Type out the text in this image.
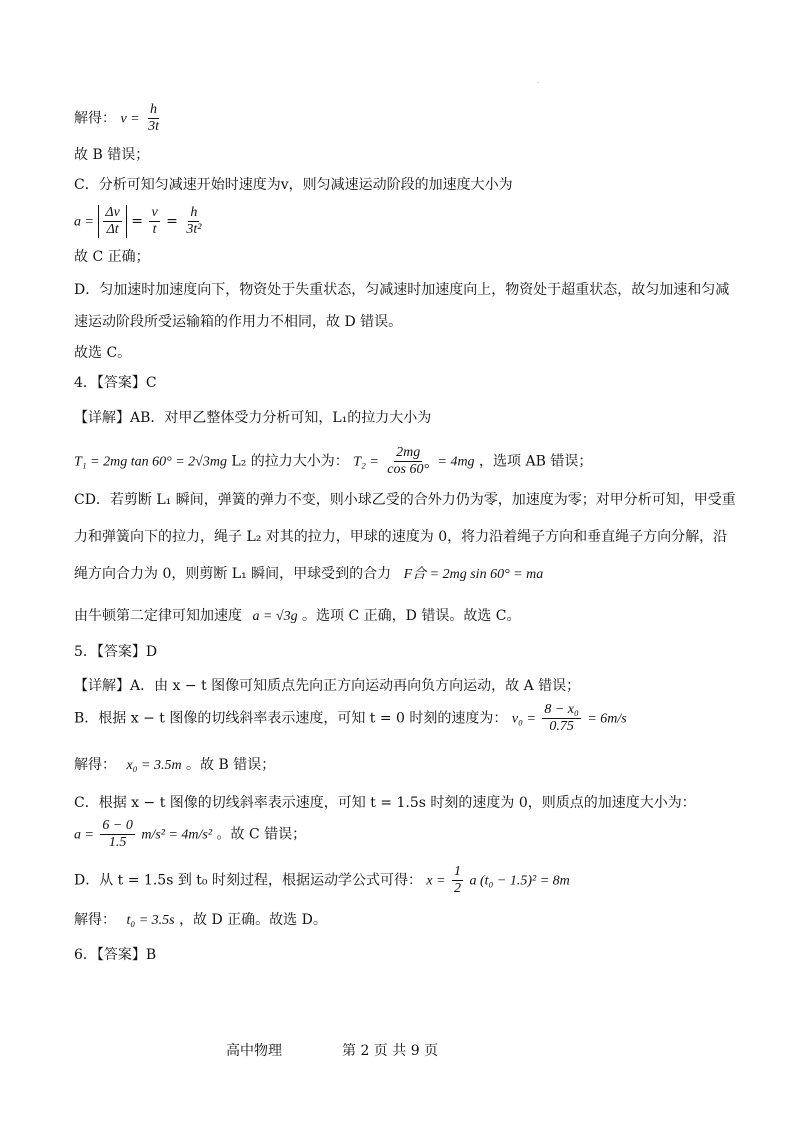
·
解得： $v = \frac{h}{3t}$
故 B 错误；
C．分析可知匀减速开始时速度为v，则匀减速运动阶段的加速度大小为
$a = \frac{\Delta v}{\Delta t} = \frac{v}{t} = \frac{h}{\text{3t²}}$
故 C 正确；
D．匀加速时加速度向下，物资处于失重状态，匀减速时加速度向上，物资处于超重状态，故匀加速和匀减
速运动阶段所受运输箱的作用力不相同，故 D 错误。
故选 C。
4．【答案】C
【详解】AB．对甲乙整体受力分析可知，L₁的拉力大小为
T₁ = 2mg tan 60° = 2√3mg L₂ 的拉力大小为： $T_2 = \frac{2mg}{\cos 60^\circ} = 4mg$ ，选项 AB 错误；
CD．若剪断 L₁ 瞬间，弹簧的弹力不变，则小球乙受的合外力仍为零，加速度为零；对甲分析可知，甲受重
力和弹簧向下的拉力，绳子 L₂ 对其的拉力，甲球的速度为 0，将力沿着绳子方向和垂直绳子方向分解，沿
绳方向合力为 0，则剪断 L₁ 瞬间，甲球受到的合力 F合 = 2mg sin 60° = ma
由牛顿第二定律可知加速度 a = √3g 。选项 C 正确，D 错误。故选 C。
5．【答案】D
【详解】A．由 x − t 图像可知质点先向正方向运动再向负方向运动，故 A 错误；
B．根据 x − t 图像的切线斜率表示速度，可知 t = 0 时刻的速度为： $v_0 = \frac{\text{8 − x₀}}{0.75} = 6m/s$
解得： x₀ = 3.5m 。故 B 错误；
C．根据 x − t 图像的切线斜率表示速度，可知 t = 1.5s 时刻的速度为 0，则质点的加速度大小为：
$a = \frac{6 - 0}{1.5} m/s^2 = 4m/s^2$ 。故 C 错误；
D．从 t = 1.5s 到 t₀ 时刻过程，根据运动学公式可得： $x = \frac{1}{2}$ a (t₀ − 1.5)² = 8m
解得： t₀ = 3.5s ，故 D 正确。故选 D。
6．【答案】B
高中物理	第 2 页 共 9 页
